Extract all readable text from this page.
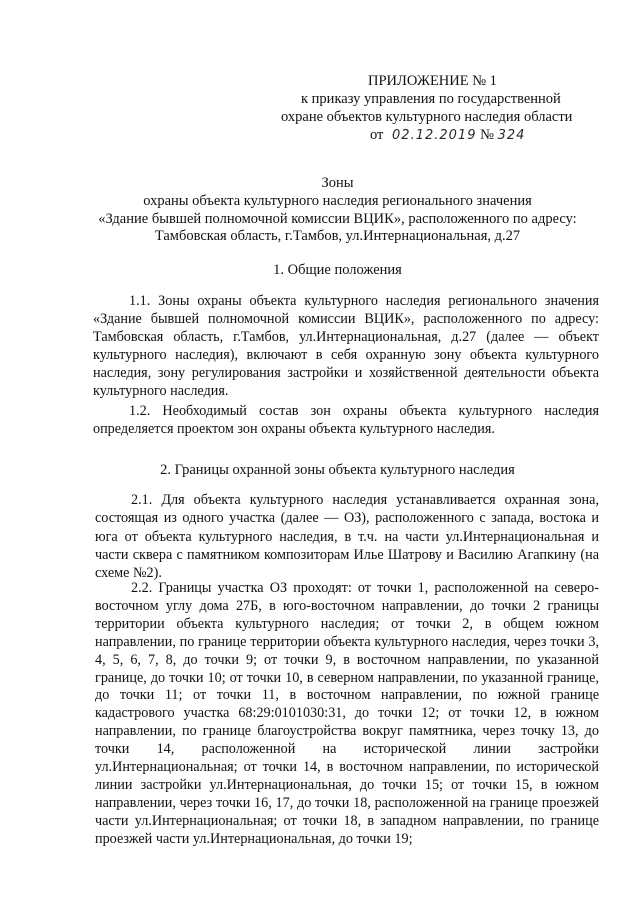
ПРИЛОЖЕНИЕ № 1
к приказу управления по государственной
охране объектов культурного наследия области
от 02.12.2019 № 324
Зоны
охраны объекта культурного наследия регионального значения
«Здание бывшей полномочной комиссии ВЦИК», расположенного по адресу:
Тамбовская область, г.Тамбов, ул.Интернациональная, д.27
1. Общие положения
1.1. Зоны охраны объекта культурного наследия регионального значения «Здание бывшей полномочной комиссии ВЦИК», расположенного по адресу: Тамбовская область, г.Тамбов, ул.Интернациональная, д.27 (далее — объект культурного наследия), включают в себя охранную зону объекта культурного наследия, зону регулирования застройки и хозяйственной деятельности объекта культурного наследия.
1.2. Необходимый состав зон охраны объекта культурного наследия определяется проектом зон охраны объекта культурного наследия.
2. Границы охранной зоны объекта культурного наследия
2.1. Для объекта культурного наследия устанавливается охранная зона, состоящая из одного участка (далее — ОЗ), расположенного с запада, востока и юга от объекта культурного наследия, в т.ч. на части ул.Интернациональная и части сквера с памятником композиторам Илье Шатрову и Василию Агапкину (на схеме №2).
2.2. Границы участка ОЗ проходят: от точки 1, расположенной на северо-восточном углу дома 27Б, в юго-восточном направлении, до точки 2 границы территории объекта культурного наследия; от точки 2, в общем южном направлении, по границе территории объекта культурного наследия, через точки 3, 4, 5, 6, 7, 8, до точки 9; от точки 9, в восточном направлении, по указанной границе, до точки 10; от точки 10, в северном направлении, по указанной границе, до точки 11; от точки 11, в восточном направлении, по южной границе кадастрового участка 68:29:0101030:31, до точки 12; от точки 12, в южном направлении, по границе благоустройства вокруг памятника, через точку 13, до точки 14, расположенной на исторической линии застройки ул.Интернациональная; от точки 14, в восточном направлении, по исторической линии застройки ул.Интернациональная, до точки 15; от точки 15, в южном направлении, через точки 16, 17, до точки 18, расположенной на границе проезжей части ул.Интернациональная; от точки 18, в западном направлении, по границе проезжей части ул.Интернациональная, до точки 19;
